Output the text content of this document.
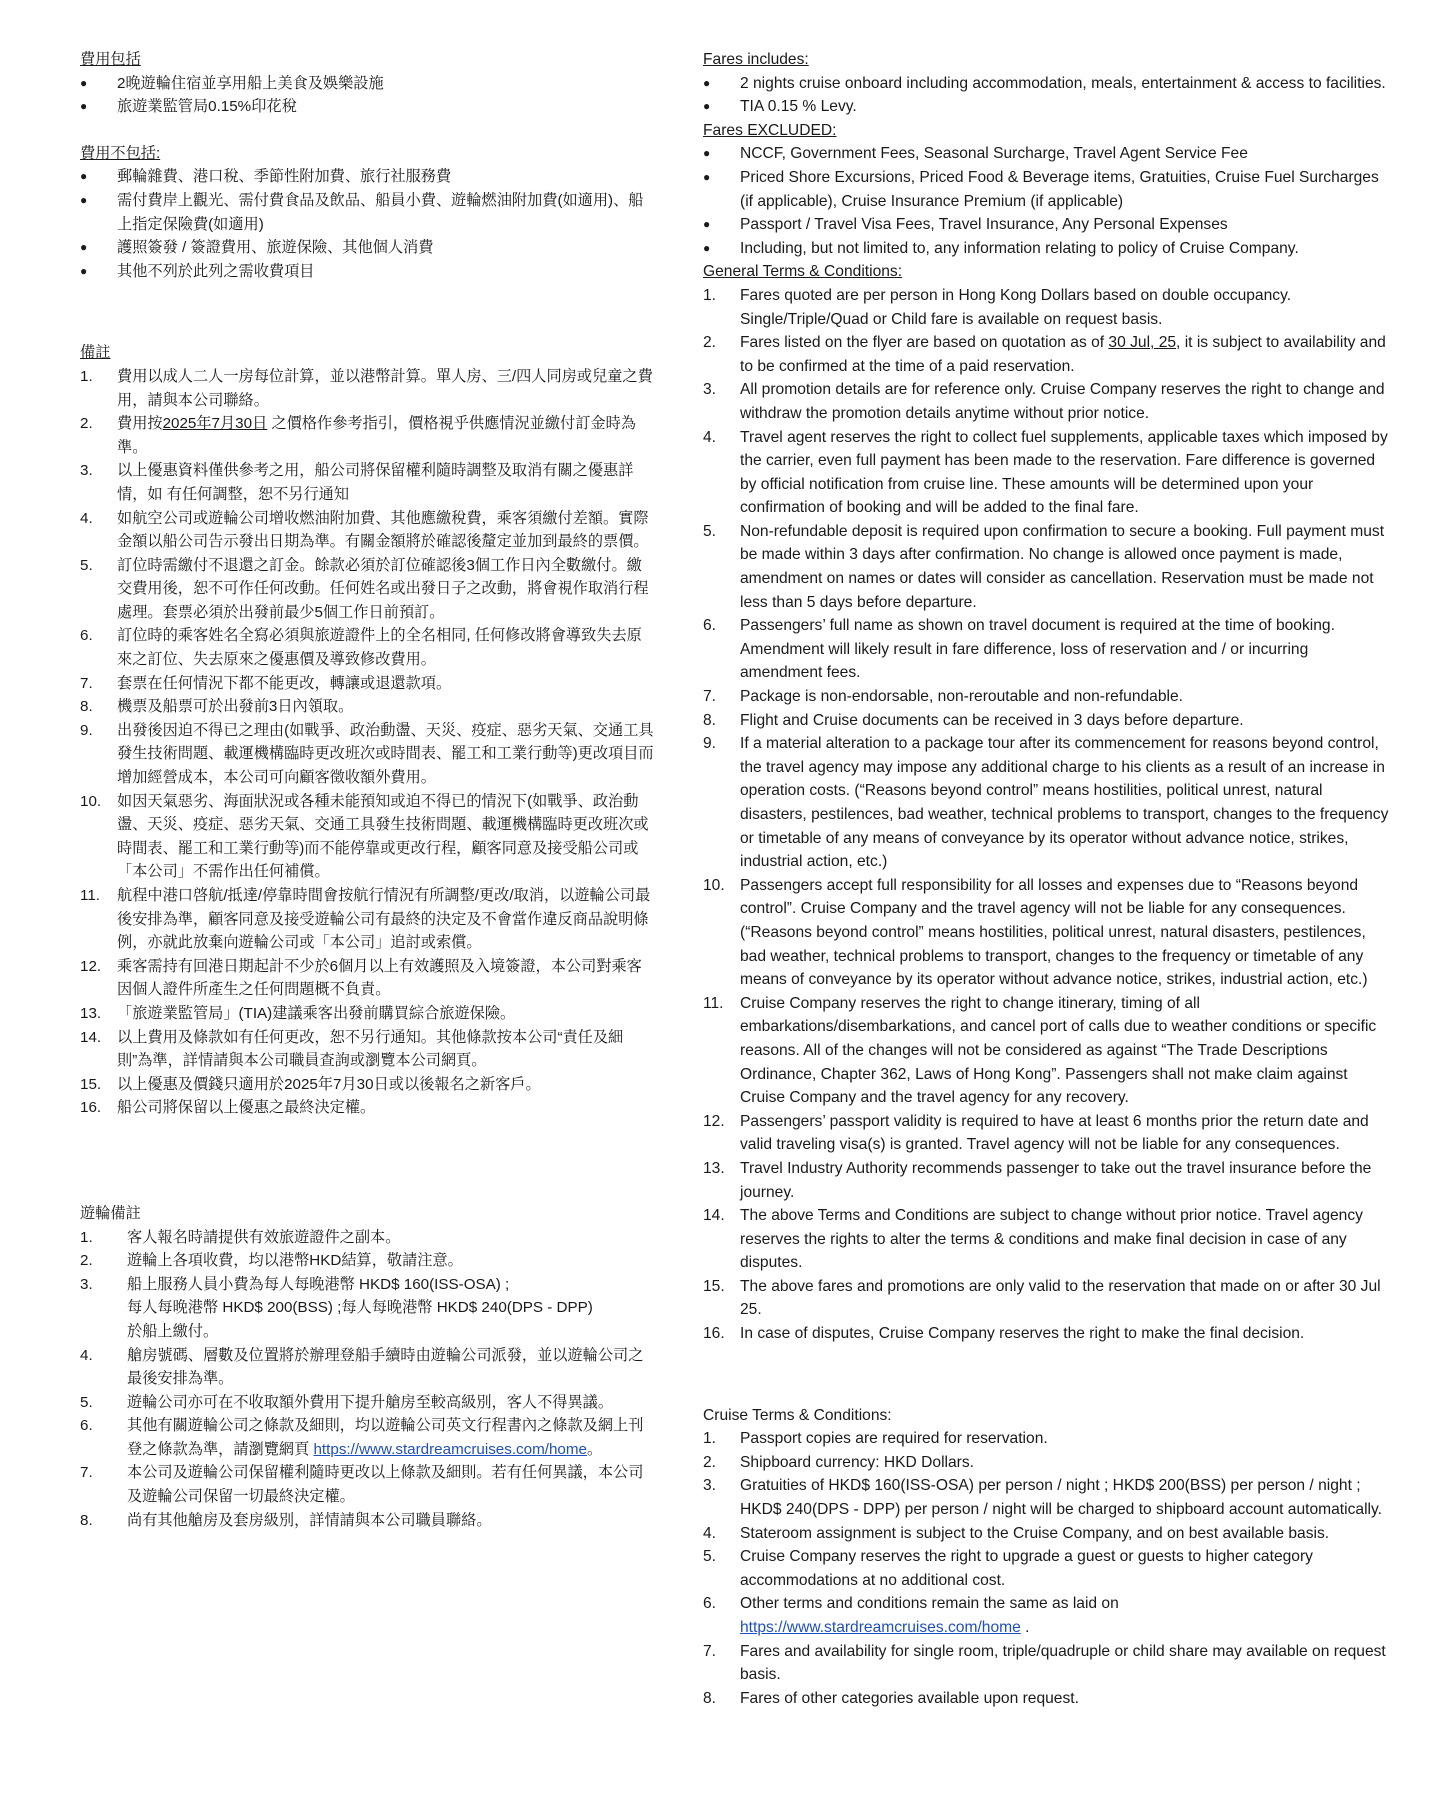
費用包括
● 2晚遊輪住宿並享用船上美食及娛樂設施
● 旅遊業監管局0.15%印花稅
費用不包括:
● 郵輪雜費、港口稅、季節性附加費、旅行社服務費
● 需付費岸上觀光、需付費食品及飲品、船員小費、遊輪燃油附加費(如適用)、船上指定保險費(如適用)
● 護照簽發 / 簽證費用、旅遊保險、其他個人消費
● 其他不列於此列之需收費項目
備註
1. 費用以成人二人一房每位計算，並以港幣計算。單人房、三/四人同房或兒童之費用，請與本公司聯絡。
2. 費用按2025年7月30日 之價格作參考指引，價格視乎供應情況並繳付訂金時為準。
3. 以上優惠資料僅供參考之用，船公司將保留權利隨時調整及取消有關之優惠詳情，如 有任何調整，恕不另行通知
4. 如航空公司或遊輪公司增收燃油附加費、其他應繳稅費，乘客須繳付差額。實際金額以船公司告示發出日期為準。有關金額將於確認後釐定並加到最終的票價。
5. 訂位時需繳付不退還之訂金。餘款必須於訂位確認後3個工作日內全數繳付。繳交費用後，恕不可作任何改動。任何姓名或出發日子之改動，將會視作取消行程處理。套票必須於出發前最少5個工作日前預訂。
6. 訂位時的乘客姓名全寫必須與旅遊證件上的全名相同, 任何修改將會導致失去原來之訂位、失去原來之優惠價及導致修改費用。
7. 套票在任何情況下都不能更改，轉讓或退還款項。
8. 機票及船票可於出發前3日內領取。
9. 出發後因迫不得已之理由(如戰爭、政治動盪、天災、疫症、惡劣天氣、交通工具發生技術問題、載運機構臨時更改班次或時間表、罷工和工業行動等)更改項目而增加經營成本，本公司可向顧客徵收額外費用。
10. 如因天氣惡劣、海面狀況或各種未能預知或迫不得已的情況下(如戰爭、政治動盪、天災、疫症、惡劣天氣、交通工具發生技術問題、載運機構臨時更改班次或時間表、罷工和工業行動等)而不能停靠或更改行程，顧客同意及接受船公司或「本公司」不需作出任何補償。
11. 航程中港口啓航/抵達/停靠時間會按航行情況有所調整/更改/取消，以遊輪公司最後安排為準，顧客同意及接受遊輪公司有最終的決定及不會當作違反商品說明條例，亦就此放棄向遊輪公司或「本公司」追討或索償。
12. 乘客需持有回港日期起計不少於6個月以上有效護照及入境簽證，本公司對乘客因個人證件所產生之任何問題概不負責。
13. 「旅遊業監管局」(TIA)建議乘客出發前購買綜合旅遊保險。
14. 以上費用及條款如有任何更改，恕不另行通知。其他條款按本公司“責任及細則”為準，詳情請與本公司職員查詢或瀏覽本公司網頁。
15. 以上優惠及價錢只適用於2025年7月30日或以後報名之新客戶。
16. 船公司將保留以上優惠之最終決定權。
遊輪備註
1. 客人報名時請提供有效旅遊證件之副本。
2. 遊輪上各項收費，均以港幣HKD結算，敬請注意。
3. 船上服務人員小費為每人每晚港幣 HKD$ 160(ISS-OSA) ;
每人每晚港幣 HKD$ 200(BSS) ;每人每晚港幣 HKD$ 240(DPS - DPP)
於船上繳付。
4. 艙房號碼、層數及位置將於辦理登船手續時由遊輪公司派發，並以遊輪公司之最後安排為準。
5. 遊輪公司亦可在不收取額外費用下提升艙房至較高級別，客人不得異議。
6. 其他有關遊輪公司之條款及細則，均以遊輪公司英文行程書內之條款及網上刊登之條款為準，請瀏覽網頁 https://www.stardreamcruises.com/home。
7. 本公司及遊輪公司保留權利隨時更改以上條款及細則。若有任何異議，本公司及遊輪公司保留一切最終決定權。
8. 尚有其他艙房及套房級別，詳情請與本公司職員聯絡。
Fares includes:
● 2 nights cruise onboard including accommodation, meals, entertainment & access to facilities.
● TIA 0.15 % Levy.
Fares EXCLUDED:
● NCCF, Government Fees, Seasonal Surcharge, Travel Agent Service Fee
● Priced Shore Excursions, Priced Food & Beverage items, Gratuities, Cruise Fuel Surcharges (if applicable), Cruise Insurance Premium (if applicable)
● Passport / Travel Visa Fees, Travel Insurance, Any Personal Expenses
● Including, but not limited to, any information relating to policy of Cruise Company.
General Terms & Conditions:
1. Fares quoted are per person in Hong Kong Dollars based on double occupancy. Single/Triple/Quad or Child fare is available on request basis.
2. Fares listed on the flyer are based on quotation as of 30 Jul, 25, it is subject to availability and to be confirmed at the time of a paid reservation.
3. All promotion details are for reference only. Cruise Company reserves the right to change and withdraw the promotion details anytime without prior notice.
4. Travel agent reserves the right to collect fuel supplements, applicable taxes which imposed by the carrier, even full payment has been made to the reservation. Fare difference is governed by official notification from cruise line. These amounts will be determined upon your confirmation of booking and will be added to the final fare.
5. Non-refundable deposit is required upon confirmation to secure a booking. Full payment must be made within 3 days after confirmation. No change is allowed once payment is made, amendment on names or dates will consider as cancellation. Reservation must be made not less than 5 days before departure.
6. Passengers’ full name as shown on travel document is required at the time of booking. Amendment will likely result in fare difference, loss of reservation and / or incurring amendment fees.
7. Package is non-endorsable, non-reroutable and non-refundable.
8. Flight and Cruise documents can be received in 3 days before departure.
9. If a material alteration to a package tour after its commencement for reasons beyond control, the travel agency may impose any additional charge to his clients as a result of an increase in operation costs. (“Reasons beyond control” means hostilities, political unrest, natural disasters, pestilences, bad weather, technical problems to transport, changes to the frequency or timetable of any means of conveyance by its operator without advance notice, strikes, industrial action, etc.)
10. Passengers accept full responsibility for all losses and expenses due to “Reasons beyond control”. Cruise Company and the travel agency will not be liable for any consequences. (“Reasons beyond control” means hostilities, political unrest, natural disasters, pestilences, bad weather, technical problems to transport, changes to the frequency or timetable of any means of conveyance by its operator without advance notice, strikes, industrial action, etc.)
11. Cruise Company reserves the right to change itinerary, timing of all embarkations/disembarkations, and cancel port of calls due to weather conditions or specific reasons. All of the changes will not be considered as against “The Trade Descriptions Ordinance, Chapter 362, Laws of Hong Kong”. Passengers shall not make claim against Cruise Company and the travel agency for any recovery.
12. Passengers’ passport validity is required to have at least 6 months prior the return date and valid traveling visa(s) is granted. Travel agency will not be liable for any consequences.
13. Travel Industry Authority recommends passenger to take out the travel insurance before the journey.
14. The above Terms and Conditions are subject to change without prior notice. Travel agency reserves the rights to alter the terms & conditions and make final decision in case of any disputes.
15. The above fares and promotions are only valid to the reservation that made on or after 30 Jul 25.
16. In case of disputes, Cruise Company reserves the right to make the final decision.
Cruise Terms & Conditions:
1. Passport copies are required for reservation.
2. Shipboard currency: HKD Dollars.
3. Gratuities of HKD$ 160(ISS-OSA) per person / night ; HKD$ 200(BSS) per person / night ; HKD$ 240(DPS - DPP) per person / night will be charged to shipboard account automatically.
4. Stateroom assignment is subject to the Cruise Company, and on best available basis.
5. Cruise Company reserves the right to upgrade a guest or guests to higher category accommodations at no additional cost.
6. Other terms and conditions remain the same as laid on https://www.stardreamcruises.com/home .
7. Fares and availability for single room, triple/quadruple or child share may available on request basis.
8. Fares of other categories available upon request.
